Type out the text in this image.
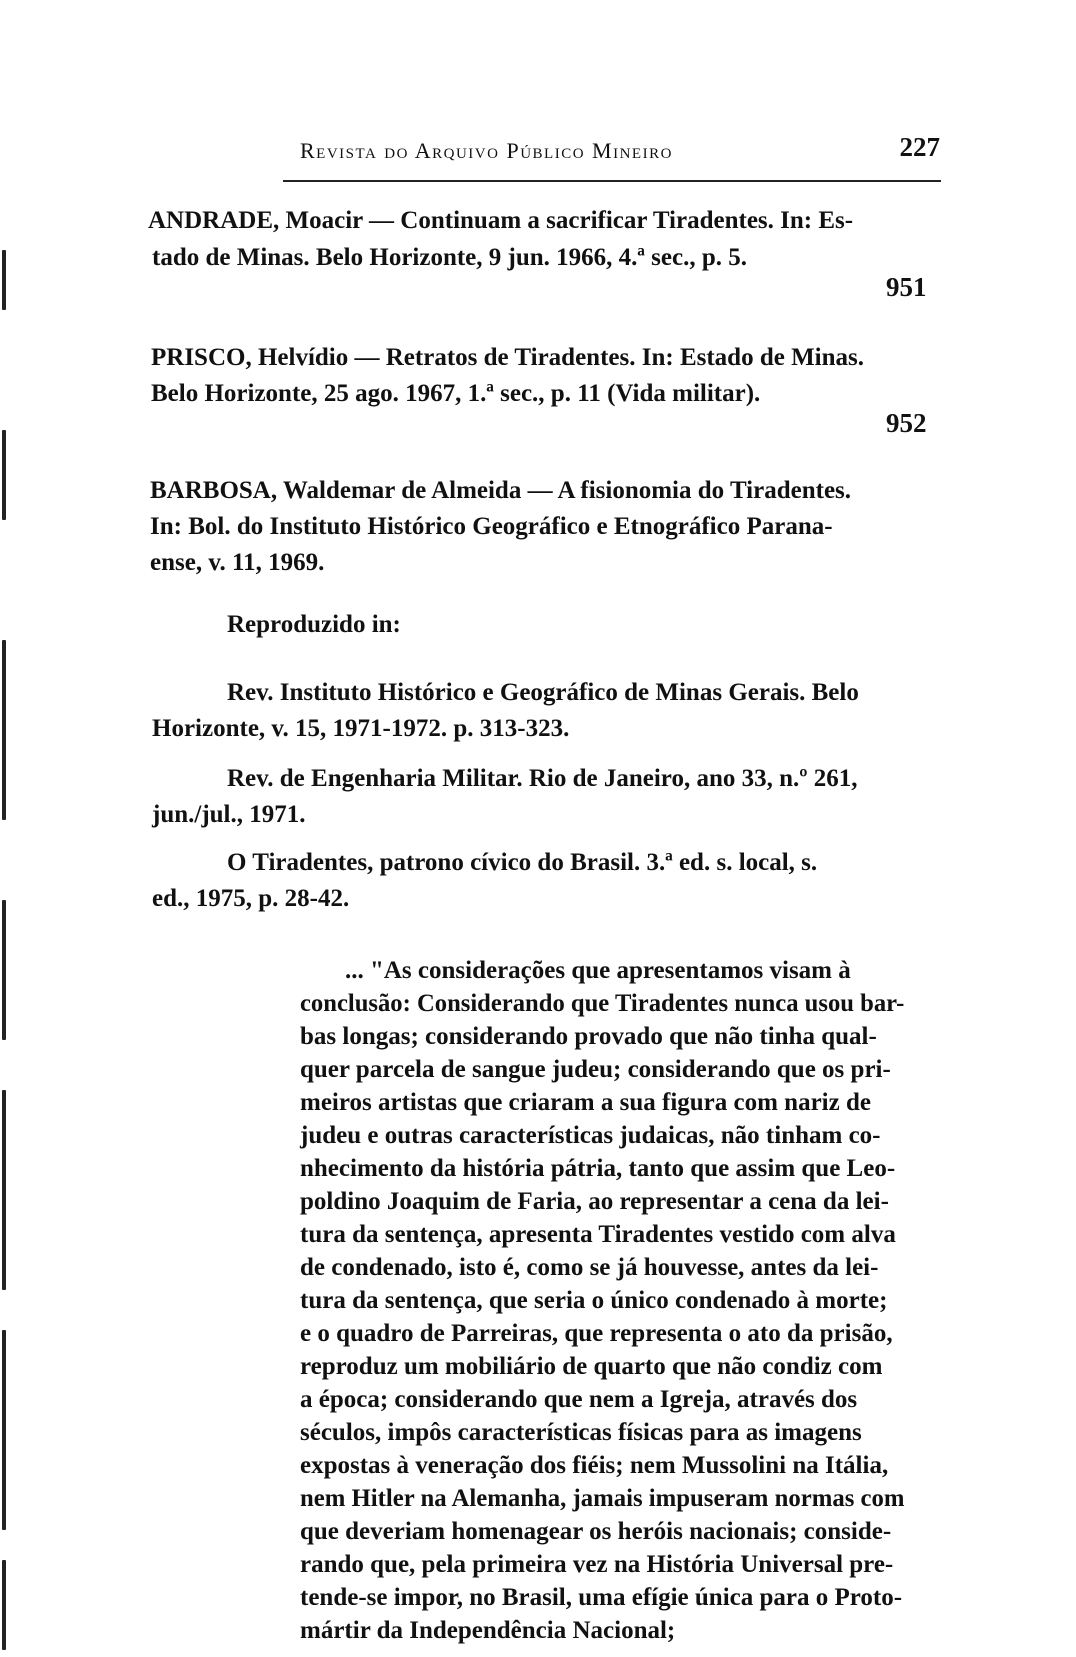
Revista do Arquivo Público Mineiro	227
ANDRADE, Moacir — Continuam a sacrificar Tiradentes. In: Es-
tado de Minas. Belo Horizonte, 9 jun. 1966, 4.ª sec., p. 5.
951
PRISCO, Helvídio — Retratos de Tiradentes. In: Estado de Minas.
Belo Horizonte, 25 ago. 1967, 1.ª sec., p. 11 (Vida militar).
952
BARBOSA, Waldemar de Almeida — A fisionomia do Tiradentes.
In: Bol. do Instituto Histórico Geográfico e Etnográfico Parana-
ense, v. 11, 1969.
Reproduzido in:
Rev. Instituto Histórico e Geográfico de Minas Gerais. Belo
Horizonte, v. 15, 1971-1972. p. 313-323.
Rev. de Engenharia Militar. Rio de Janeiro, ano 33, n.º 261,
jun./jul., 1971.
O Tiradentes, patrono cívico do Brasil. 3.ª ed. s. local, s.
ed., 1975, p. 28-42.
... "As considerações que apresentamos visam à
conclusão: Considerando que Tiradentes nunca usou bar-
bas longas; considerando provado que não tinha qual-
quer parcela de sangue judeu; considerando que os pri-
meiros artistas que criaram a sua figura com nariz de
judeu e outras características judaicas, não tinham co-
nhecimento da história pátria, tanto que assim que Leo-
poldino Joaquim de Faria, ao representar a cena da lei-
tura da sentença, apresenta Tiradentes vestido com alva
de condenado, isto é, como se já houvesse, antes da lei-
tura da sentença, que seria o único condenado à morte;
e o quadro de Parreiras, que representa o ato da prisão,
reproduz um mobiliário de quarto que não condiz com
a época; considerando que nem a Igreja, através dos
séculos, impôs características físicas para as imagens
expostas à veneração dos fiéis; nem Mussolini na Itália,
nem Hitler na Alemanha, jamais impuseram normas com
que deveriam homenagear os heróis nacionais; conside-
rando que, pela primeira vez na História Universal pre-
tende-se impor, no Brasil, uma efígie única para o Proto-
mártir da Independência Nacional;
